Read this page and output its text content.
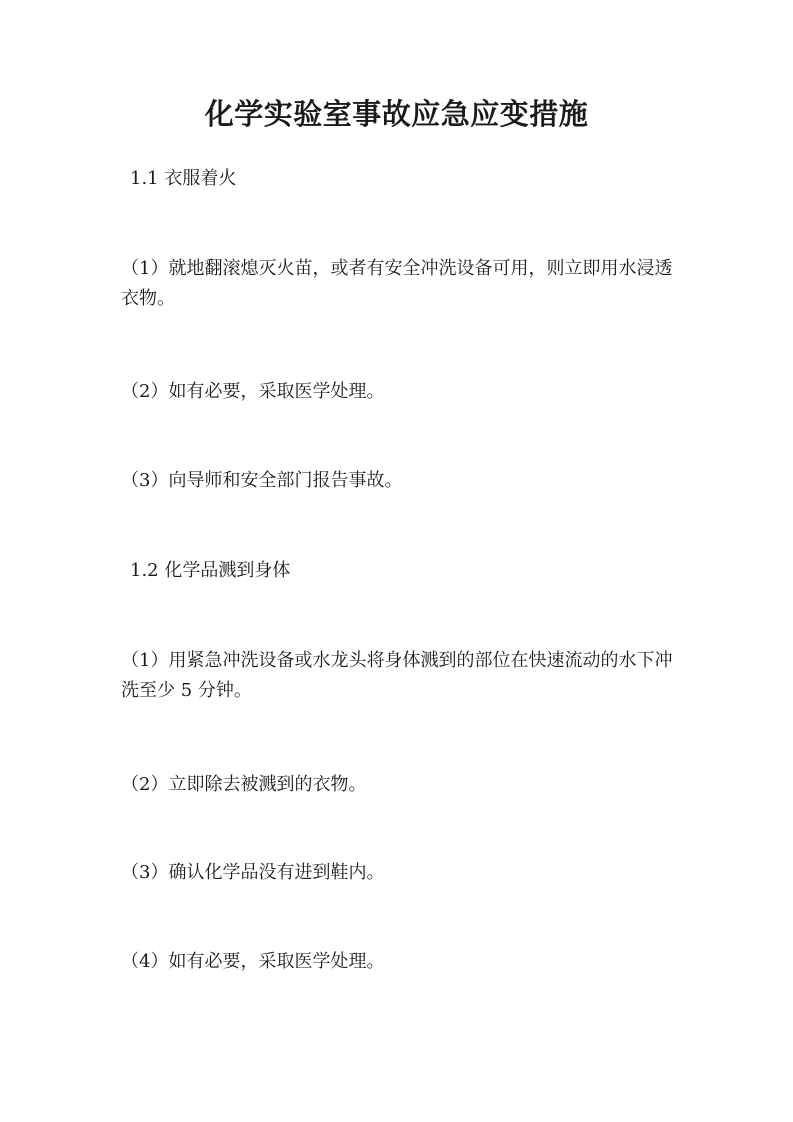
化学实验室事故应急应变措施
1.1 衣服着火
（1）就地翻滚熄灭火苗，或者有安全冲洗设备可用，则立即用水浸透衣物。
（2）如有必要，采取医学处理。
（3）向导师和安全部门报告事故。
1.2 化学品溅到身体
（1）用紧急冲洗设备或水龙头将身体溅到的部位在快速流动的水下冲洗至少 5 分钟。
（2）立即除去被溅到的衣物。
（3）确认化学品没有进到鞋内。
（4）如有必要，采取医学处理。
